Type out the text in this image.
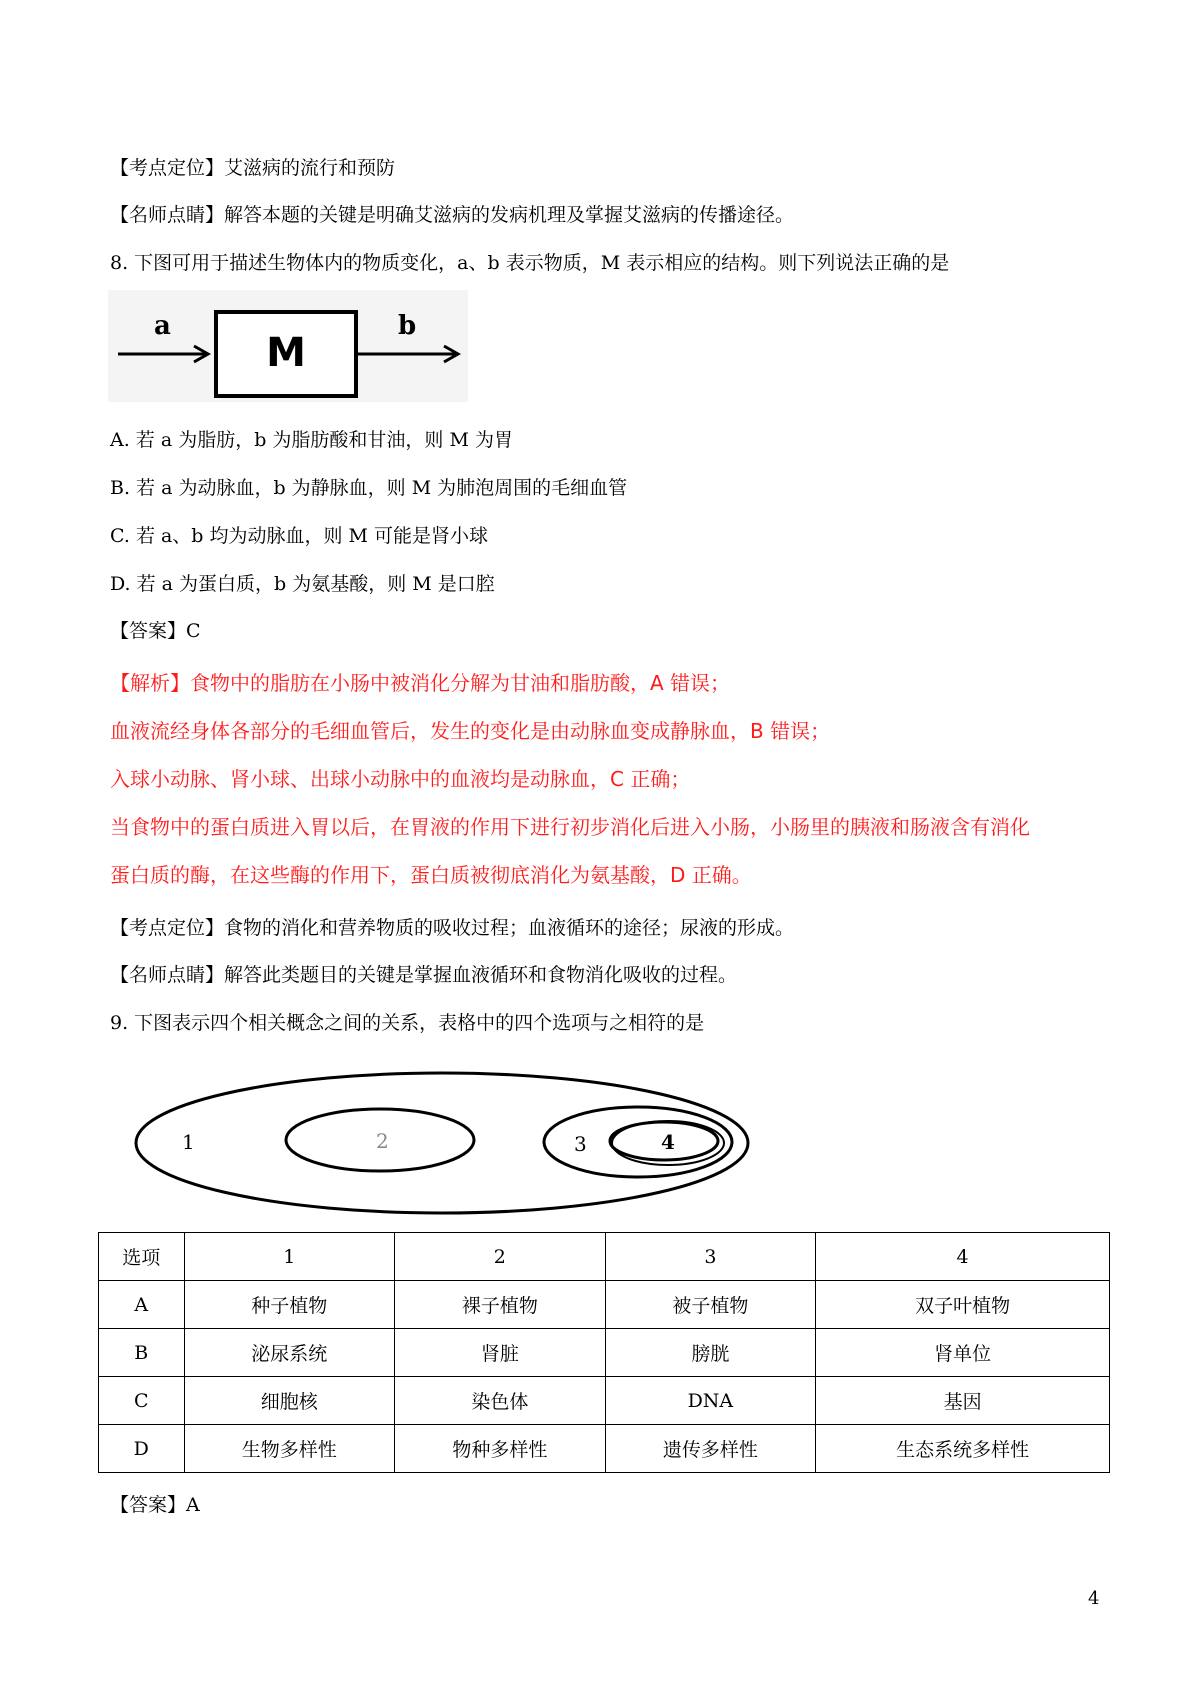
【考点定位】艾滋病的流行和预防
【名师点睛】解答本题的关键是明确艾滋病的发病机理及掌握艾滋病的传播途径。
8. 下图可用于描述生物体内的物质变化，a、b 表示物质，M 表示相应的结构。则下列说法正确的是
a
M
b
A. 若 a 为脂肪，b 为脂肪酸和甘油，则 M 为胃
B. 若 a 为动脉血，b 为静脉血，则 M 为肺泡周围的毛细血管
C. 若 a、b 均为动脉血，则 M 可能是肾小球
D. 若 a 为蛋白质，b 为氨基酸，则 M 是口腔
【答案】C
【解析】食物中的脂肪在小肠中被消化分解为甘油和脂肪酸，A 错误；
血液流经身体各部分的毛细血管后，发生的变化是由动脉血变成静脉血，B 错误；
入球小动脉、肾小球、出球小动脉中的血液均是动脉血，C 正确；
当食物中的蛋白质进入胃以后，在胃液的作用下进行初步消化后进入小肠，小肠里的胰液和肠液含有消化
蛋白质的酶，在这些酶的作用下，蛋白质被彻底消化为氨基酸，D 正确。
【考点定位】食物的消化和营养物质的吸收过程；血液循环的途径；尿液的形成。
【名师点睛】解答此类题目的关键是掌握血液循环和食物消化吸收的过程。
9. 下图表示四个相关概念之间的关系，表格中的四个选项与之相符的是
1	2	3	4
选项	1	2	3	4
A	种子植物	裸子植物	被子植物	双子叶植物
B	泌尿系统	肾脏	膀胱	肾单位
C	细胞核	染色体	DNA	基因
D	生物多样性	物种多样性	遗传多样性	生态系统多样性
【答案】A
4
